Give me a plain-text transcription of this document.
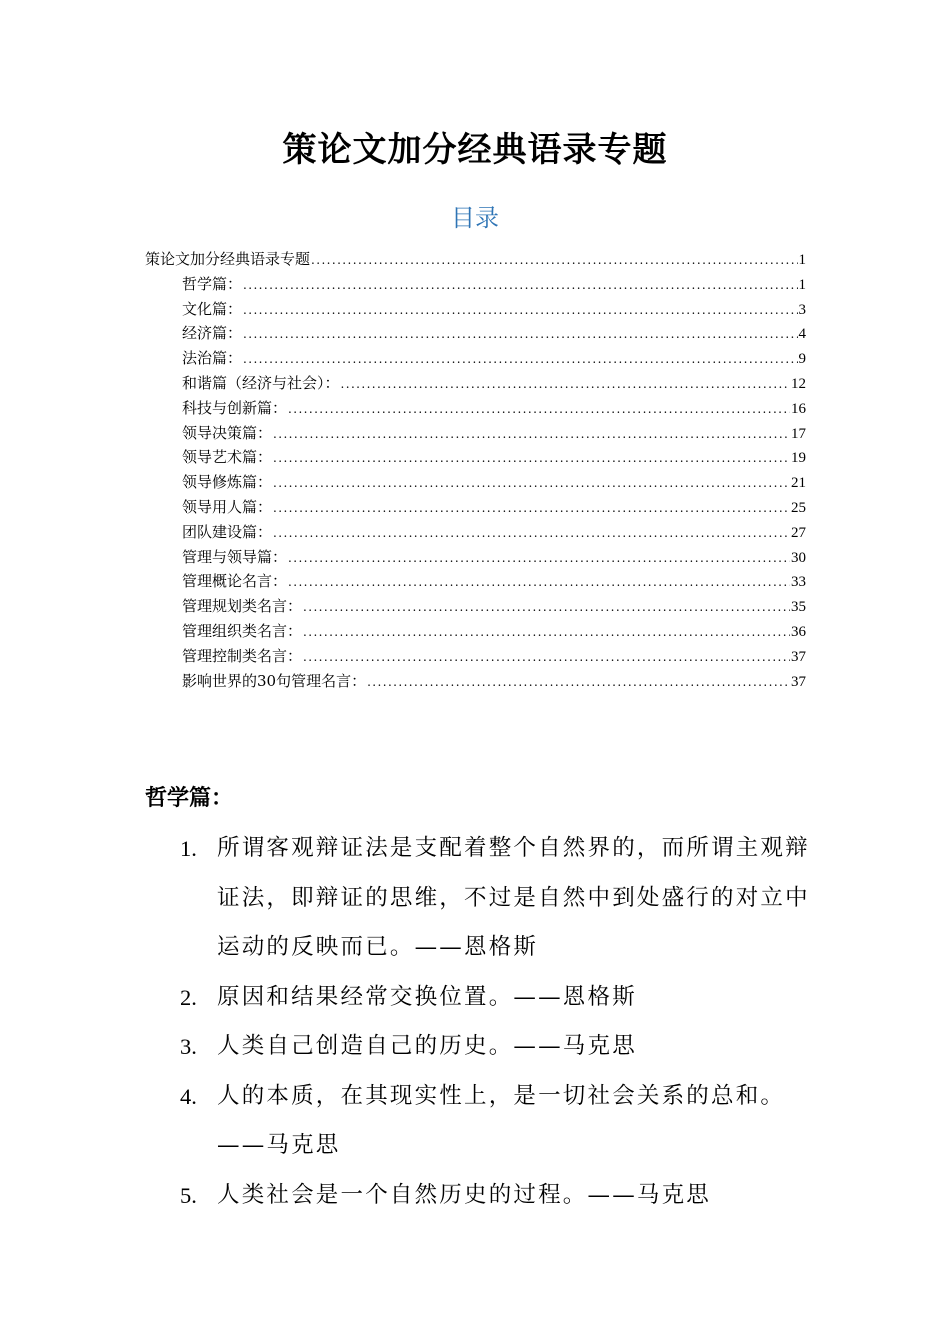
策论文加分经典语录专题
目录
策论文加分经典语录专题 .....	1
哲学篇： .....	1
文化篇： .....	3
经济篇： .....	4
法治篇： .....	9
和谐篇（经济与社会）： .....	12
科技与创新篇： .....	16
领导决策篇： .....	17
领导艺术篇： .....	19
领导修炼篇： .....	21
领导用人篇： .....	25
团队建设篇： .....	27
管理与领导篇： .....	30
管理概论名言： .....	33
管理规划类名言： .....	35
管理组织类名言： .....	36
管理控制类名言： .....	37
影响世界的30句管理名言： .....	37
哲学篇：
1. 所谓客观辩证法是支配着整个自然界的，而所谓主观辩证法，即辩证的思维，不过是自然中到处盛行的对立中运动的反映而已。——恩格斯
2. 原因和结果经常交换位置。——恩格斯
3. 人类自己创造自己的历史。——马克思
4. 人的本质，在其现实性上，是一切社会关系的总和。——马克思
5. 人类社会是一个自然历史的过程。——马克思
